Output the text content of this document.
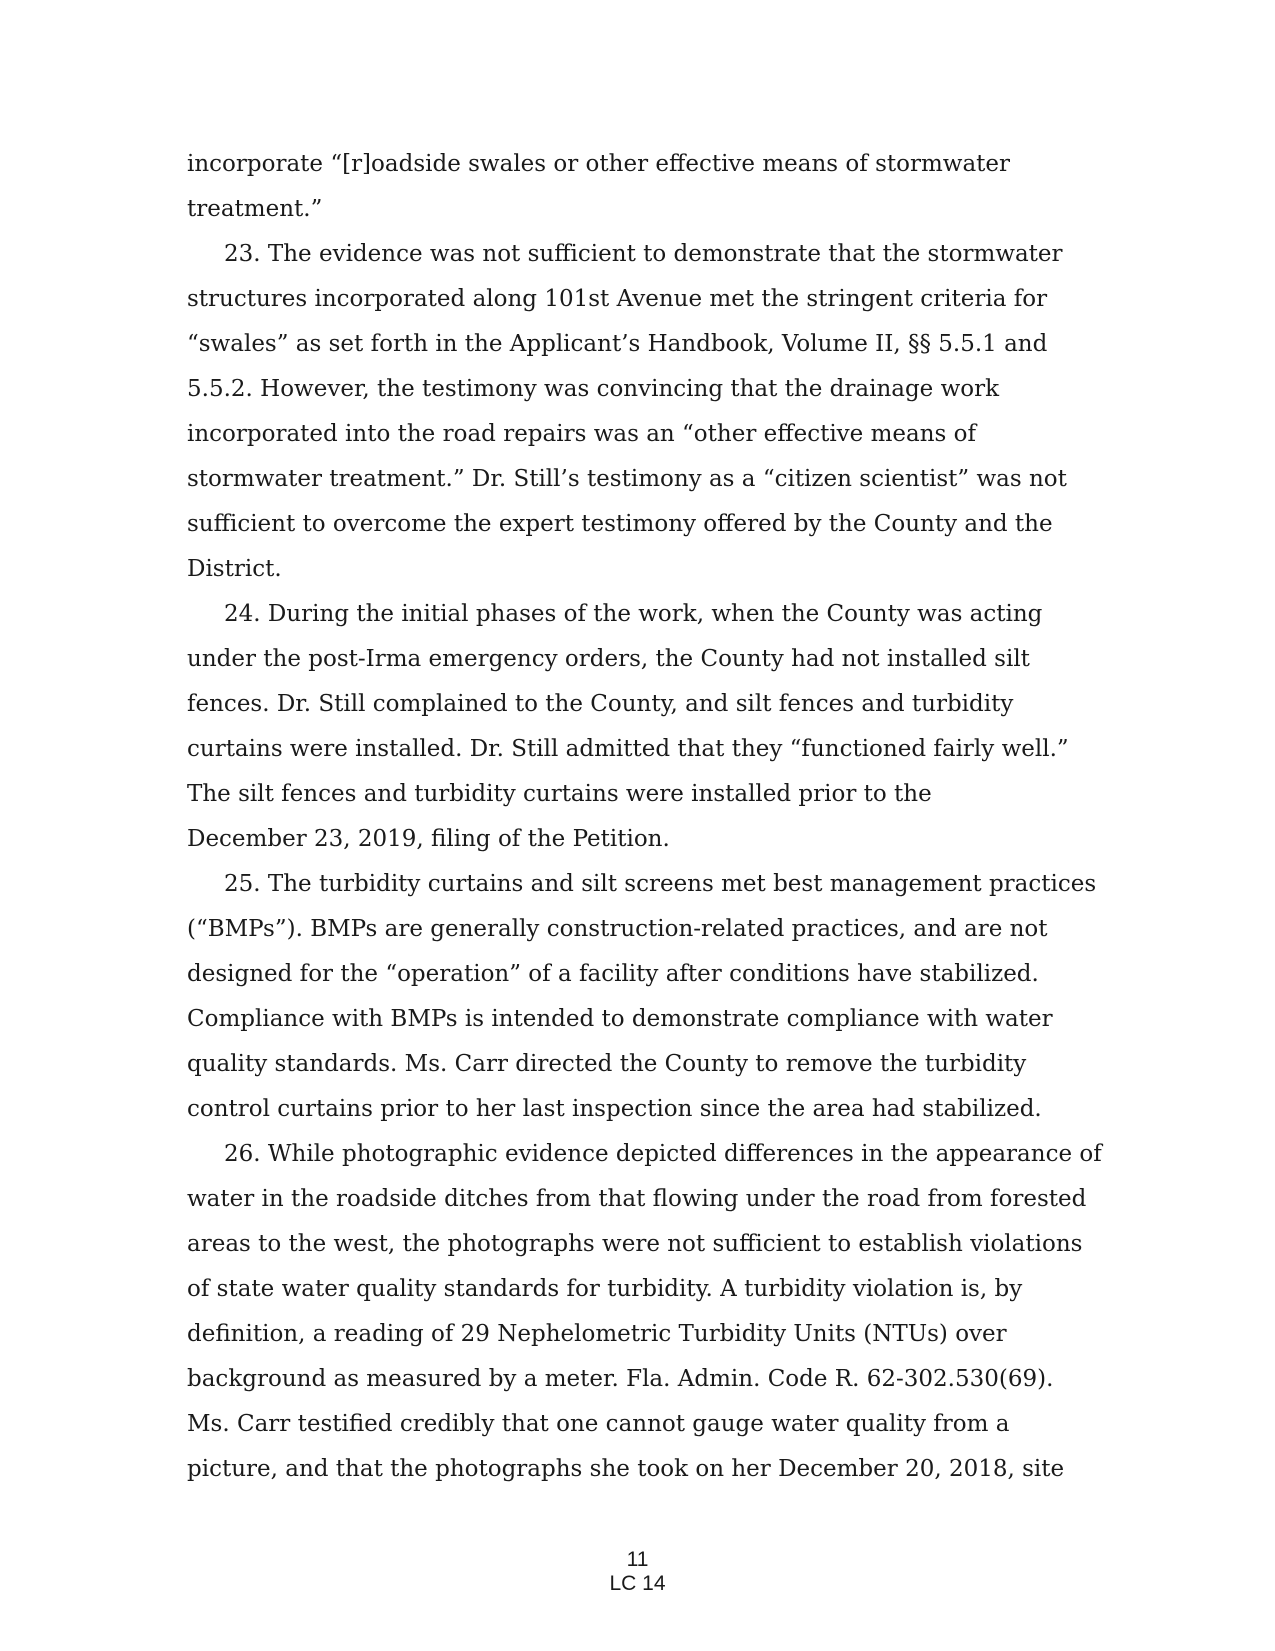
incorporate “[r]oadside swales or other effective means of stormwater
treatment.”
23. The evidence was not sufficient to demonstrate that the stormwater
structures incorporated along 101st Avenue met the stringent criteria for
“swales” as set forth in the Applicant’s Handbook, Volume II, §§ 5.5.1 and
5.5.2. However, the testimony was convincing that the drainage work
incorporated into the road repairs was an “other effective means of
stormwater treatment.” Dr. Still’s testimony as a “citizen scientist” was not
sufficient to overcome the expert testimony offered by the County and the
District.
24. During the initial phases of the work, when the County was acting
under the post-Irma emergency orders, the County had not installed silt
fences. Dr. Still complained to the County, and silt fences and turbidity
curtains were installed. Dr. Still admitted that they “functioned fairly well.”
The silt fences and turbidity curtains were installed prior to the
December 23, 2019, filing of the Petition.
25. The turbidity curtains and silt screens met best management practices
(“BMPs”). BMPs are generally construction-related practices, and are not
designed for the “operation” of a facility after conditions have stabilized.
Compliance with BMPs is intended to demonstrate compliance with water
quality standards. Ms. Carr directed the County to remove the turbidity
control curtains prior to her last inspection since the area had stabilized.
26. While photographic evidence depicted differences in the appearance of
water in the roadside ditches from that flowing under the road from forested
areas to the west, the photographs were not sufficient to establish violations
of state water quality standards for turbidity. A turbidity violation is, by
definition, a reading of 29 Nephelometric Turbidity Units (NTUs) over
background as measured by a meter. Fla. Admin. Code R. 62-302.530(69).
Ms. Carr testified credibly that one cannot gauge water quality from a
picture, and that the photographs she took on her December 20, 2018, site
11
LC 14
